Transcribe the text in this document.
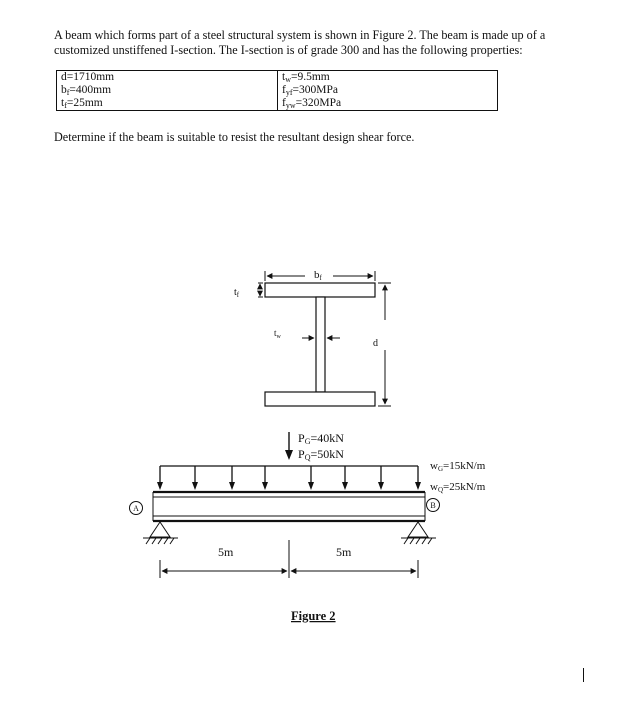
A beam which forms part of a steel structural system is shown in Figure 2. The beam is made up of a
customized unstiffened I-section. The I-section is of grade 300 and has the following properties:

d=1710mm	$t_w=9.5mm$
$b_f=400mm$	$f_{yf}=300MPa$
$t_f=25mm$	$f_{yw}=320MPa$

Determine if the beam is suitable to resist the resultant design shear force.

bf
$t_f$
$t_w$
d
PG=40kN
PQ=50kN
wG=15kN/m
wQ=25kN/m
A	B
5m	5m
Figure 2
